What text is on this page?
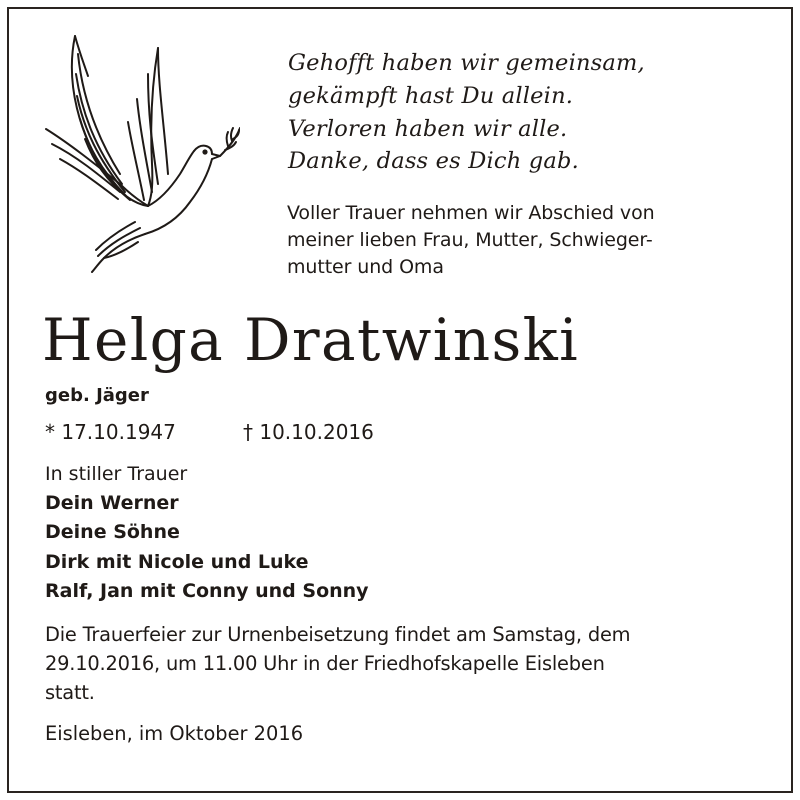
Gehofft haben wir gemeinsam,
gekämpft hast Du allein.
Verloren haben wir alle.
Danke, dass es Dich gab.
Voller Trauer nehmen wir Abschied von
meiner lieben Frau, Mutter, Schwieger-
mutter und Oma
Helga Dratwinski
geb. Jäger
* 17.10.1947	† 10.10.2016
In stiller Trauer
Dein Werner
Deine Söhne
Dirk mit Nicole und Luke
Ralf, Jan mit Conny und Sonny
Die Trauerfeier zur Urnenbeisetzung findet am Samstag, dem
29.10.2016, um 11.00 Uhr in der Friedhofskapelle Eisleben
statt.
Eisleben, im Oktober 2016
